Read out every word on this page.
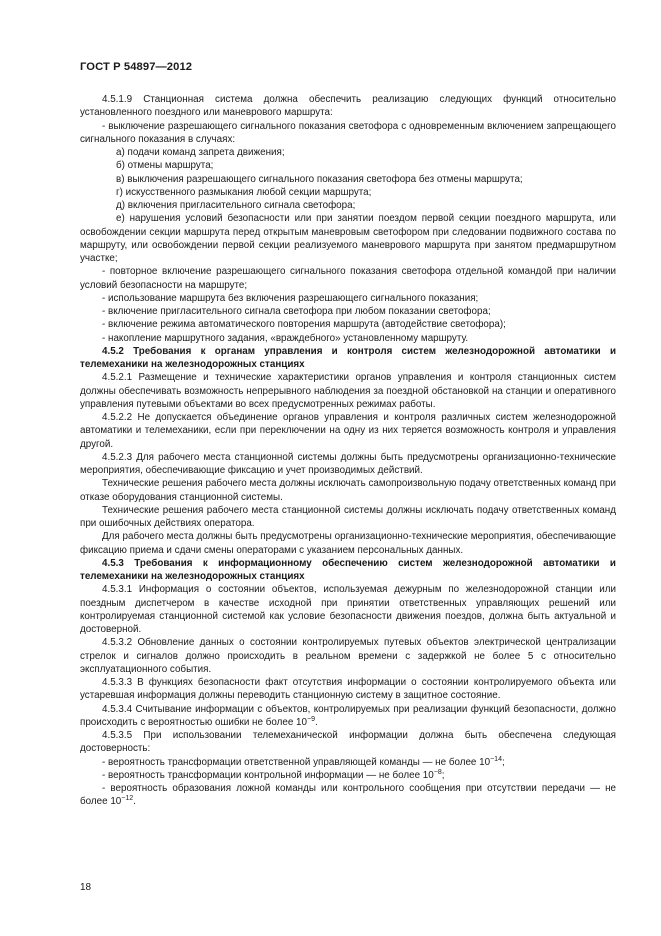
ГОСТ Р 54897—2012

4.5.1.9 Станционная система должна обеспечить реализацию следующих функций относительно установленного поездного или маневрового маршрута:

- выключение разрешающего сигнального показания светофора с одновременным включением запрещающего сигнального показания в случаях:

а) подачи команд запрета движения;

б) отмены маршрута;

в) выключения разрешающего сигнального показания светофора без отмены маршрута;

г) искусственного размыкания любой секции маршрута;

д) включения пригласительного сигнала светофора;

е) нарушения условий безопасности или при занятии поездом первой секции поездного маршрута, или освобождении секции маршрута перед открытым маневровым светофором при следовании подвижного состава по маршруту, или освобождении первой секции реализуемого маневрового маршрута при занятом предмаршрутном участке;

- повторное включение разрешающего сигнального показания светофора отдельной командой при наличии условий безопасности на маршруте;

- использование маршрута без включения разрешающего сигнального показания;

- включение пригласительного сигнала светофора при любом показании светофора;

- включение режима автоматического повторения маршрута (автодействие светофора);

- накопление маршрутного задания, «враждебного» установленному маршруту.

4.5.2 Требования к органам управления и контроля систем железнодорожной автоматики и телемеханики на железнодорожных станциях

4.5.2.1 Размещение и технические характеристики органов управления и контроля станционных систем должны обеспечивать возможность непрерывного наблюдения за поездной обстановкой на станции и оперативного управления путевыми объектами во всех предусмотренных режимах работы.

4.5.2.2 Не допускается объединение органов управления и контроля различных систем железнодорожной автоматики и телемеханики, если при переключении на одну из них теряется возможность контроля и управления другой.

4.5.2.3 Для рабочего места станционной системы должны быть предусмотрены организационно-технические мероприятия, обеспечивающие фиксацию и учет производимых действий.

Технические решения рабочего места должны исключать самопроизвольную подачу ответственных команд при отказе оборудования станционной системы.

Технические решения рабочего места станционной системы должны исключать подачу ответственных команд при ошибочных действиях оператора.

Для рабочего места должны быть предусмотрены организационно-технические мероприятия, обеспечивающие фиксацию приема и сдачи смены операторами с указанием персональных данных.

4.5.3 Требования к информационному обеспечению систем железнодорожной автоматики и телемеханики на железнодорожных станциях

4.5.3.1 Информация о состоянии объектов, используемая дежурным по железнодорожной станции или поездным диспетчером в качестве исходной при принятии ответственных управляющих решений или контролируемая станционной системой как условие безопасности движения поездов, должна быть актуальной и достоверной.

4.5.3.2 Обновление данных о состоянии контролируемых путевых объектов электрической централизации стрелок и сигналов должно происходить в реальном времени с задержкой не более 5 с относительно эксплуатационного события.

4.5.3.3 В функциях безопасности факт отсутствия информации о состоянии контролируемого объекта или устаревшая информация должны переводить станционную систему в защитное состояние.

4.5.3.4 Считывание информации с объектов, контролируемых при реализации функций безопасности, должно происходить с вероятностью ошибки не более $10^{-9}$.

4.5.3.5 При использовании телемеханической информации должна быть обеспечена следующая достоверность:

- вероятность трансформации ответственной управляющей команды — не более $10^{-14}$;

- вероятность трансформации контрольной информации — не более $10^{-8}$;

- вероятность образования ложной команды или контрольного сообщения при отсутствии передачи — не более $10^{-12}$.

18
